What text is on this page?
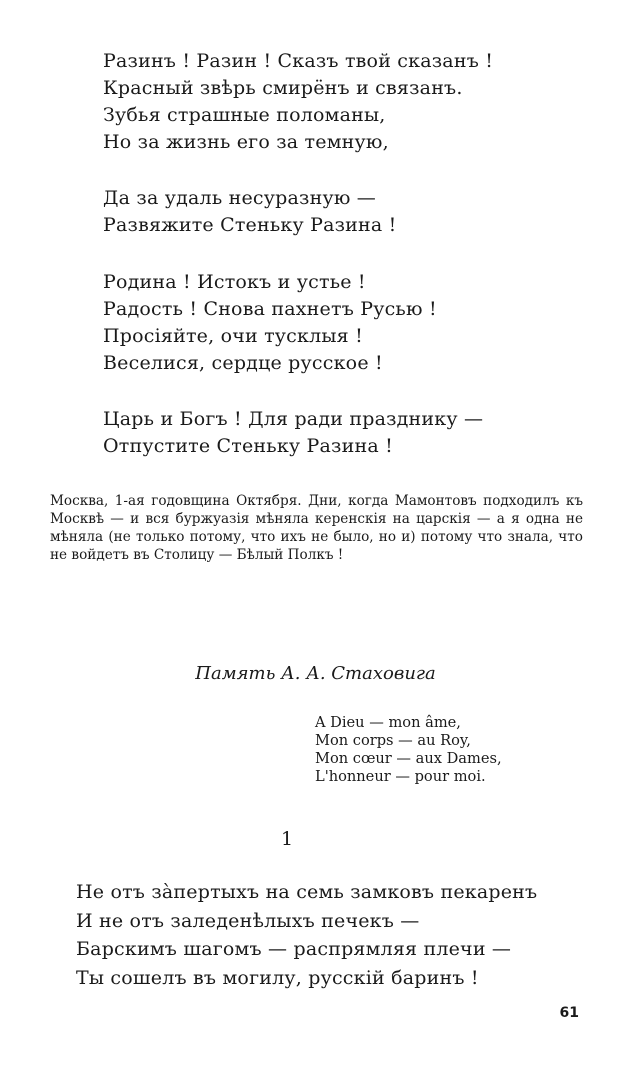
Разинъ ! Разин ! Сказъ твой сказанъ !
Красный звѣрь смирёнъ и связанъ.
Зубья страшные поломаны,
Но за жизнь его за темную,
Да за удаль несуразную —
Развяжите Стеньку Разина !
Родина ! Истокъ и устье !
Радость ! Снова пахнетъ Русью !
Просіяйте, очи тусклыя !
Веселися, сердце русское !
Царь и Богъ ! Для ради празднику —
Отпустите Стеньку Разина !
Москва, 1-ая годовщина Октября. Дни, когда Мамонтовъ подходилъ къ Москвѣ — и вся буржуазія мѣняла керенскія на царскія — а я одна не мѣняла (не только потому, что ихъ не было, но и) потому что знала, что не войдетъ въ Столицу — Бѣлый Полкъ !
Память А. А. Стаховига
A Dieu — mon âme,
Mon corps — au Roy,
Mon cœur — aux Dames,
L'honneur — pour moi.
1
Не отъ зàпертыхъ на семь замковъ пекаренъ
И не отъ заледенѣлыхъ печекъ —
Барскимъ шагомъ — распрямляя плечи —
Ты сошелъ въ могилу, русскій баринъ !
61
